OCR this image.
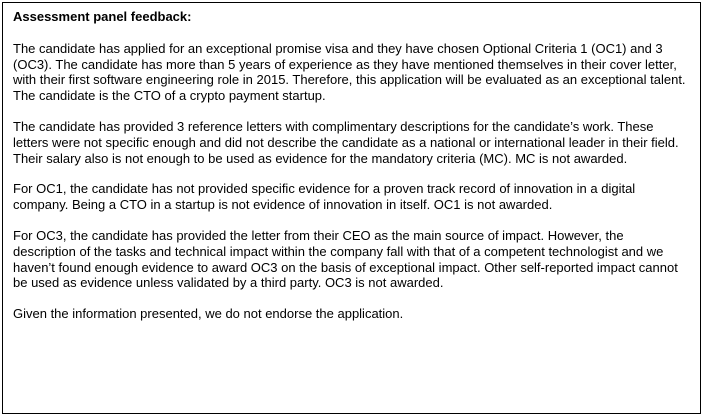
Assessment panel feedback:

The candidate has applied for an exceptional promise visa and they have chosen Optional Criteria 1 (OC1) and 3 (OC3). The candidate has more than 5 years of experience as they have mentioned themselves in their cover letter, with their first software engineering role in 2015. Therefore, this application will be evaluated as an exceptional talent. The candidate is the CTO of a crypto payment startup.

The candidate has provided 3 reference letters with complimentary descriptions for the candidate’s work. These letters were not specific enough and did not describe the candidate as a national or international leader in their field. Their salary also is not enough to be used as evidence for the mandatory criteria (MC). MC is not awarded.

For OC1, the candidate has not provided specific evidence for a proven track record of innovation in a digital company. Being a CTO in a startup is not evidence of innovation in itself. OC1 is not awarded.

For OC3, the candidate has provided the letter from their CEO as the main source of impact. However, the description of the tasks and technical impact within the company fall with that of a competent technologist and we haven’t found enough evidence to award OC3 on the basis of exceptional impact. Other self-reported impact cannot be used as evidence unless validated by a third party. OC3 is not awarded.

Given the information presented, we do not endorse the application.
